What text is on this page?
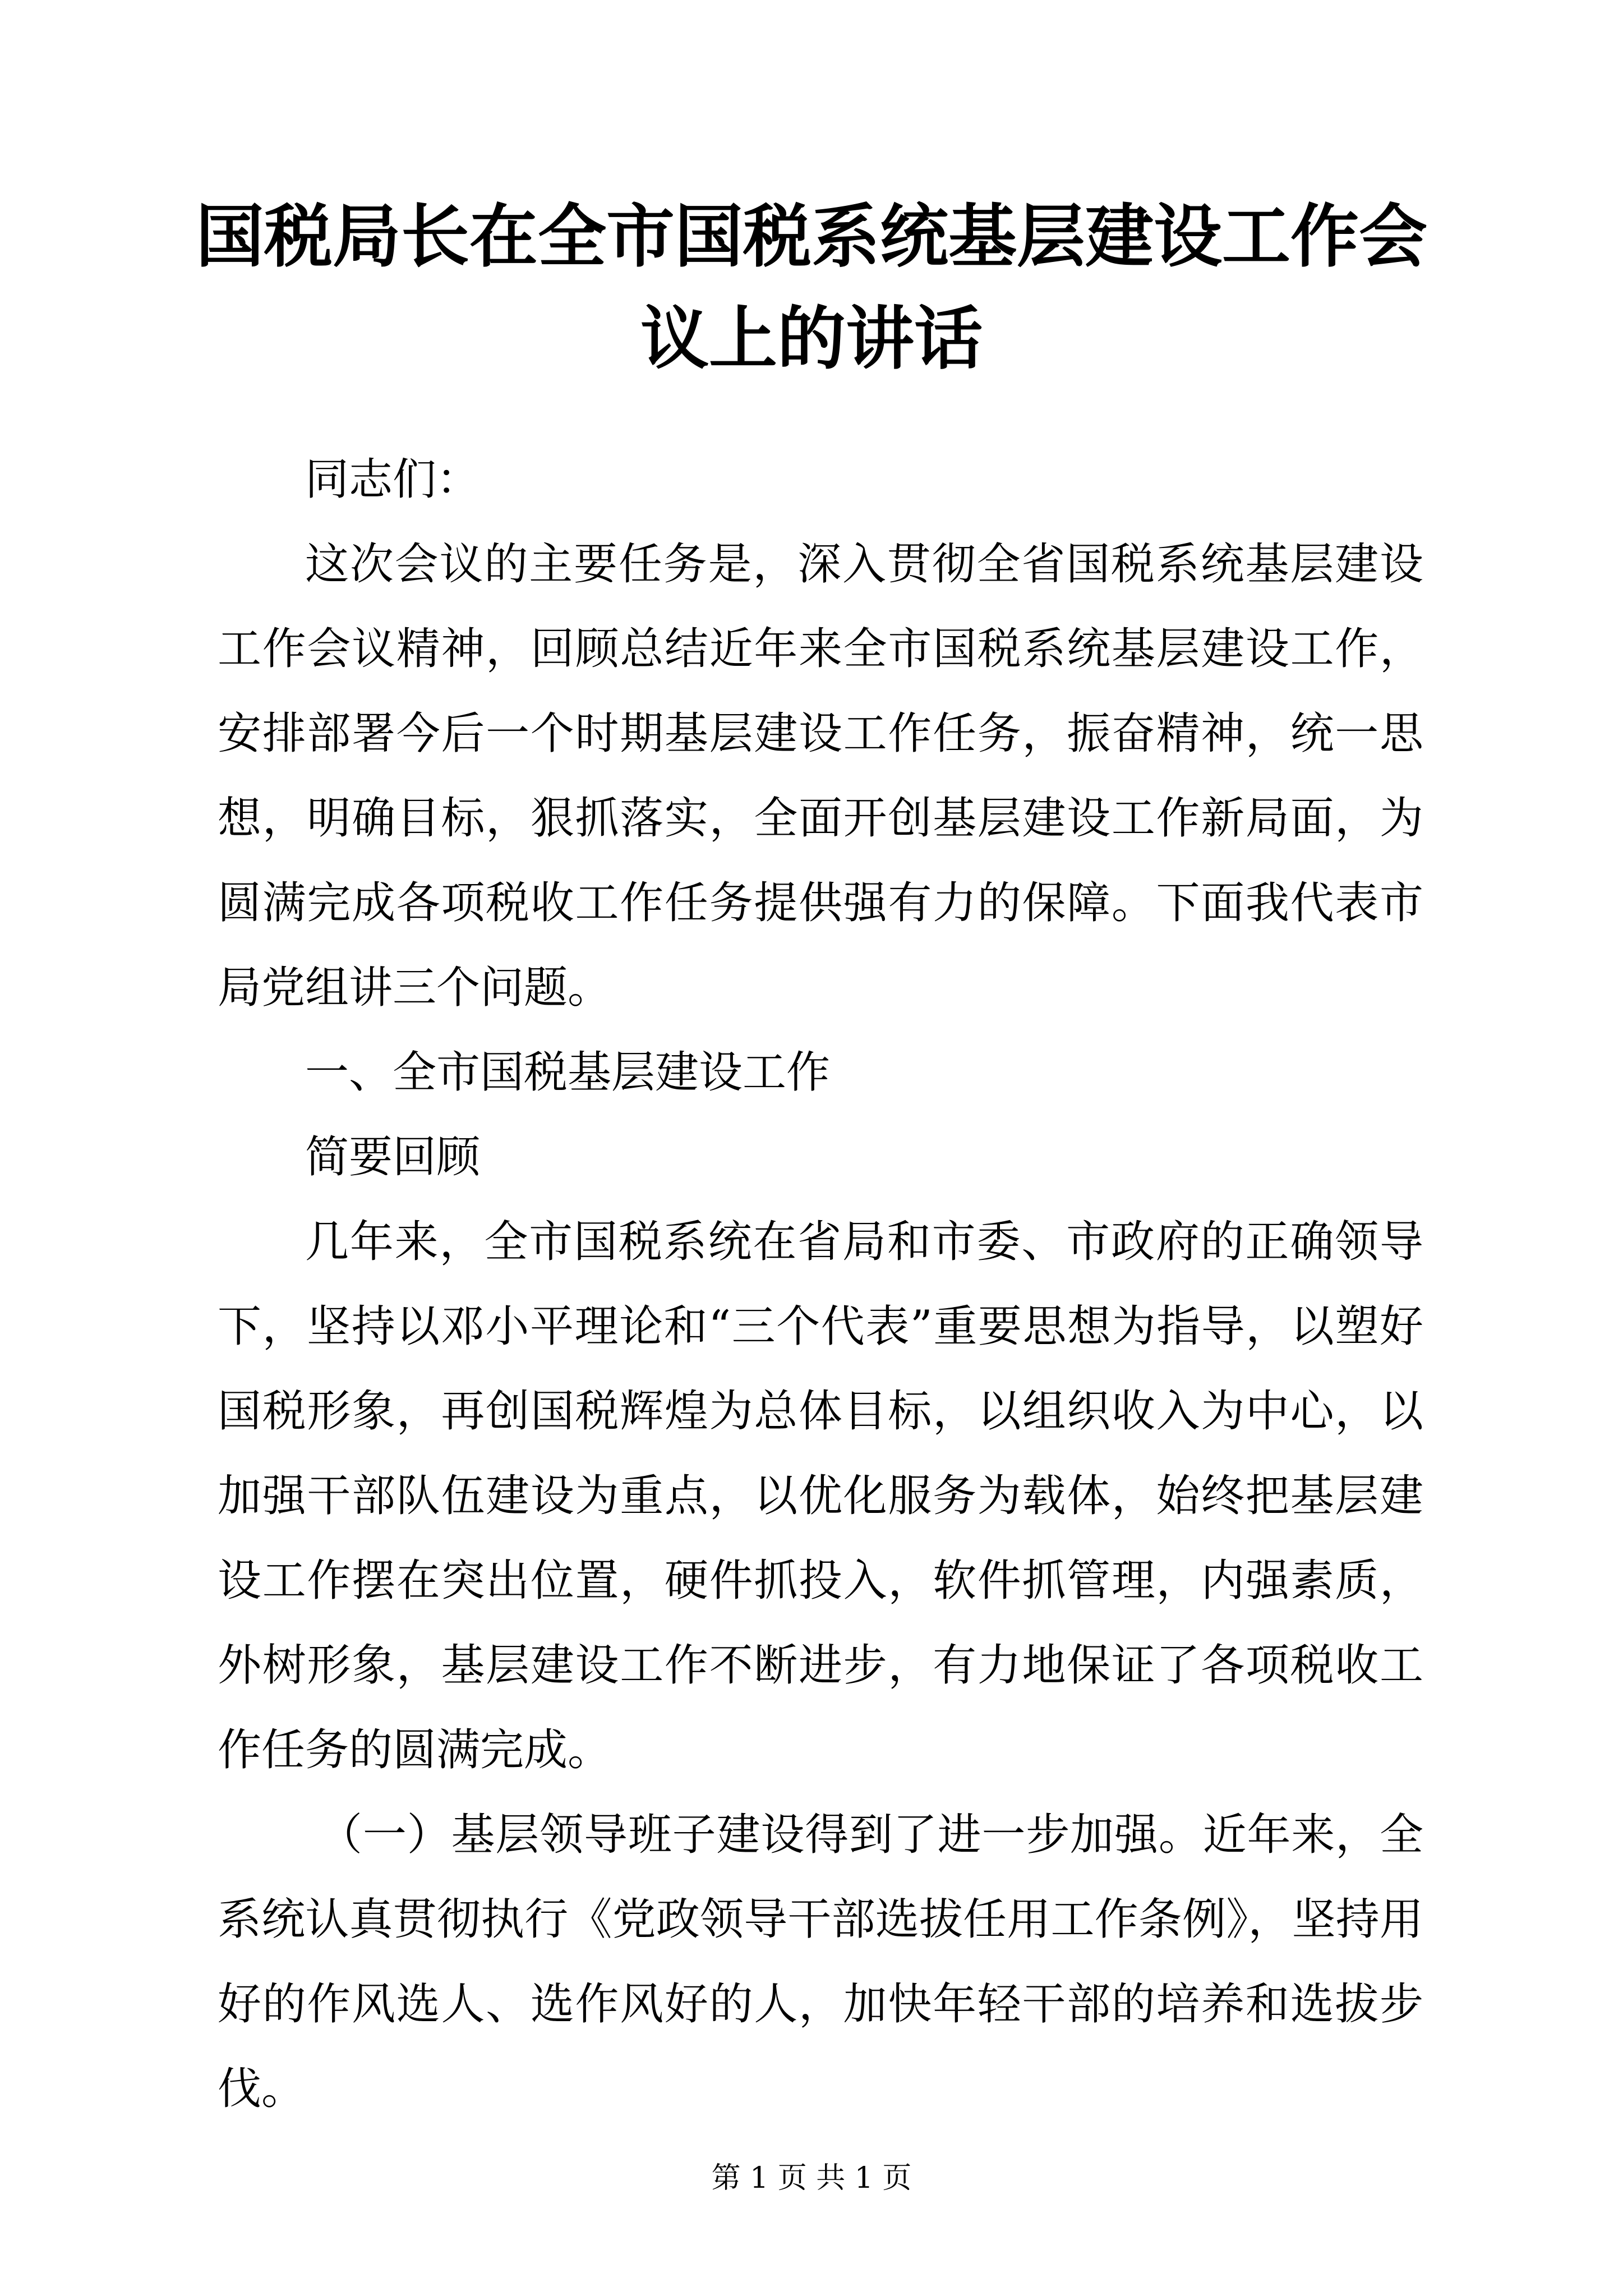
国税局长在全市国税系统基层建设工作会议上的讲话

同志们：

这次会议的主要任务是，深入贯彻全省国税系统基层建设工作会议精神，回顾总结近年来全市国税系统基层建设工作，安排部署今后一个时期基层建设工作任务，振奋精神，统一思想，明确目标，狠抓落实，全面开创基层建设工作新局面，为圆满完成各项税收工作任务提供强有力的保障。下面我代表市局党组讲三个问题。

一、全市国税基层建设工作

简要回顾

几年来，全市国税系统在省局和市委、市政府的正确领导下，坚持以邓小平理论和“三个代表”重要思想为指导，以塑好国税形象，再创国税辉煌为总体目标，以组织收入为中心，以加强干部队伍建设为重点，以优化服务为载体，始终把基层建设工作摆在突出位置，硬件抓投入，软件抓管理，内强素质，外树形象，基层建设工作不断进步，有力地保证了各项税收工作任务的圆满完成。

（一）基层领导班子建设得到了进一步加强。近年来，全系统认真贯彻执行《党政领导干部选拔任用工作条例》，坚持用好的作风选人、选作风好的人，加快年轻干部的培养和选拔步伐。

第 1 页 共 1 页
